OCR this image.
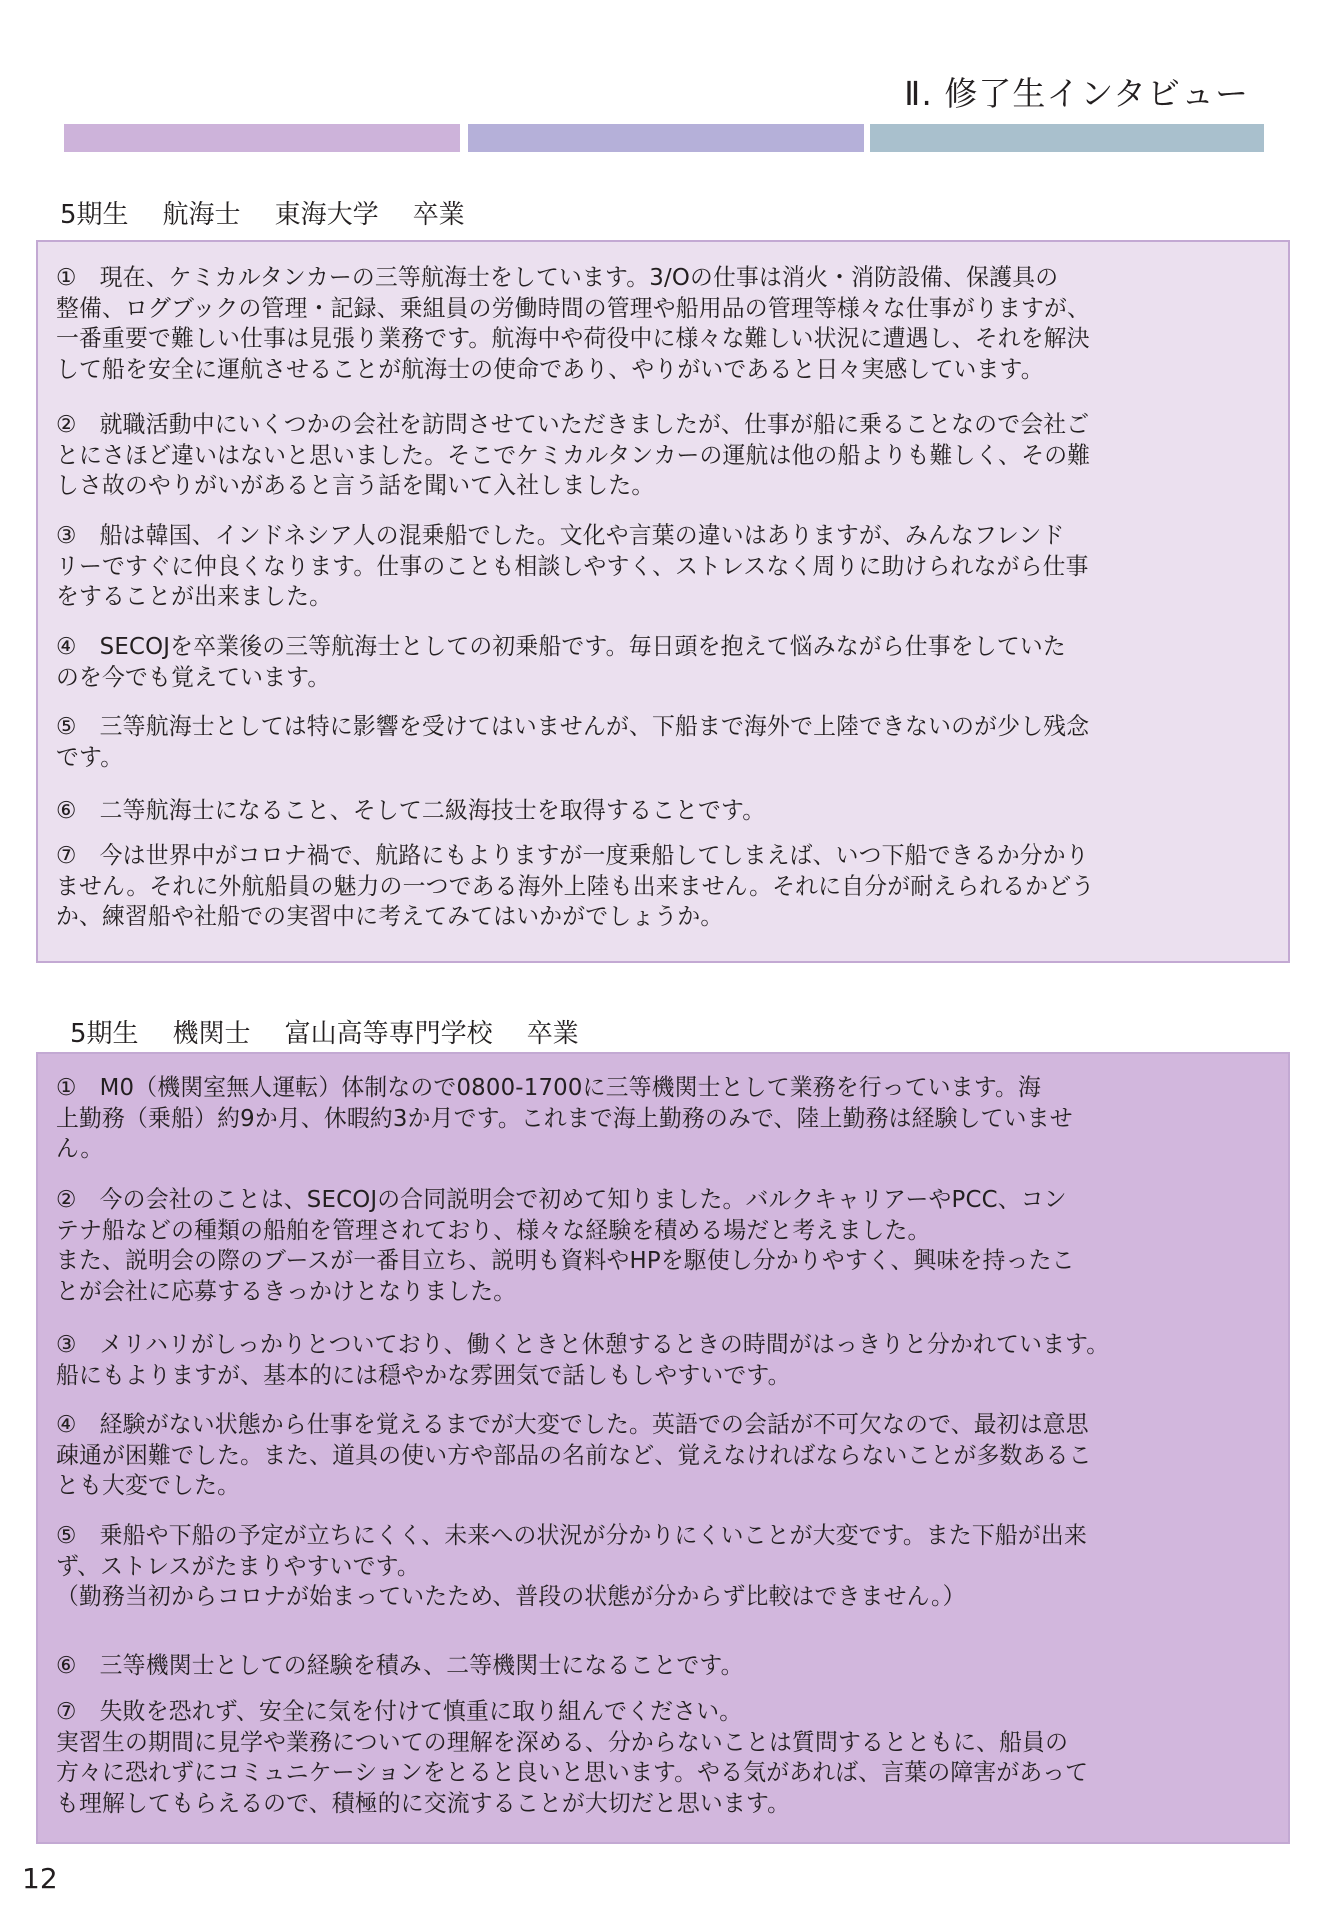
Ⅱ. 修了生インタビュー
5期生 航海士 東海大学 卒業
5期生 機関士 富山高等専門学校 卒業
①　現在、ケミカルタンカーの三等航海士をしています。3/Oの仕事は消火・消防設備、保護具の
整備、ログブックの管理・記録、乗組員の労働時間の管理や船用品の管理等様々な仕事がりますが、
一番重要で難しい仕事は見張り業務です。航海中や荷役中に様々な難しい状況に遭遇し、それを解決
して船を安全に運航させることが航海士の使命であり、やりがいであると日々実感しています。
②　就職活動中にいくつかの会社を訪問させていただきましたが、仕事が船に乗ることなので会社ご
とにさほど違いはないと思いました。そこでケミカルタンカーの運航は他の船よりも難しく、その難
しさ故のやりがいがあると言う話を聞いて入社しました。
③　船は韓国、インドネシア人の混乗船でした。文化や言葉の違いはありますが、みんなフレンド
リーですぐに仲良くなります。仕事のことも相談しやすく、ストレスなく周りに助けられながら仕事
をすることが出来ました。
④　SECOJを卒業後の三等航海士としての初乗船です。毎日頭を抱えて悩みながら仕事をしていた
のを今でも覚えています。
⑤　三等航海士としては特に影響を受けてはいませんが、下船まで海外で上陸できないのが少し残念
です。
⑥　二等航海士になること、そして二級海技士を取得することです。
⑦　今は世界中がコロナ禍で、航路にもよりますが一度乗船してしまえば、いつ下船できるか分かり
ません。それに外航船員の魅力の一つである海外上陸も出来ません。それに自分が耐えられるかどう
か、練習船や社船での実習中に考えてみてはいかがでしょうか。
①　M0（機関室無人運転）体制なので0800-1700に三等機関士として業務を行っています。海
上勤務（乗船）約9か月、休暇約3か月です。これまで海上勤務のみで、陸上勤務は経験していませ
ん。
②　今の会社のことは、SECOJの合同説明会で初めて知りました。バルクキャリアーやPCC、コン
テナ船などの種類の船舶を管理されており、様々な経験を積める場だと考えました。
また、説明会の際のブースが一番目立ち、説明も資料やHPを駆使し分かりやすく、興味を持ったこ
とが会社に応募するきっかけとなりました。
③　メリハリがしっかりとついており、働くときと休憩するときの時間がはっきりと分かれています。
船にもよりますが、基本的には穏やかな雰囲気で話しもしやすいです。
④　経験がない状態から仕事を覚えるまでが大変でした。英語での会話が不可欠なので、最初は意思
疎通が困難でした。また、道具の使い方や部品の名前など、覚えなければならないことが多数あるこ
とも大変でした。
⑤　乗船や下船の予定が立ちにくく、未来への状況が分かりにくいことが大変です。また下船が出来
ず、ストレスがたまりやすいです。
（勤務当初からコロナが始まっていたため、普段の状態が分からず比較はできません。）
⑥　三等機関士としての経験を積み、二等機関士になることです。
⑦　失敗を恐れず、安全に気を付けて慎重に取り組んでください。
実習生の期間に見学や業務についての理解を深める、分からないことは質問するとともに、船員の
方々に恐れずにコミュニケーションをとると良いと思います。やる気があれば、言葉の障害があって
も理解してもらえるので、積極的に交流することが大切だと思います。
12
